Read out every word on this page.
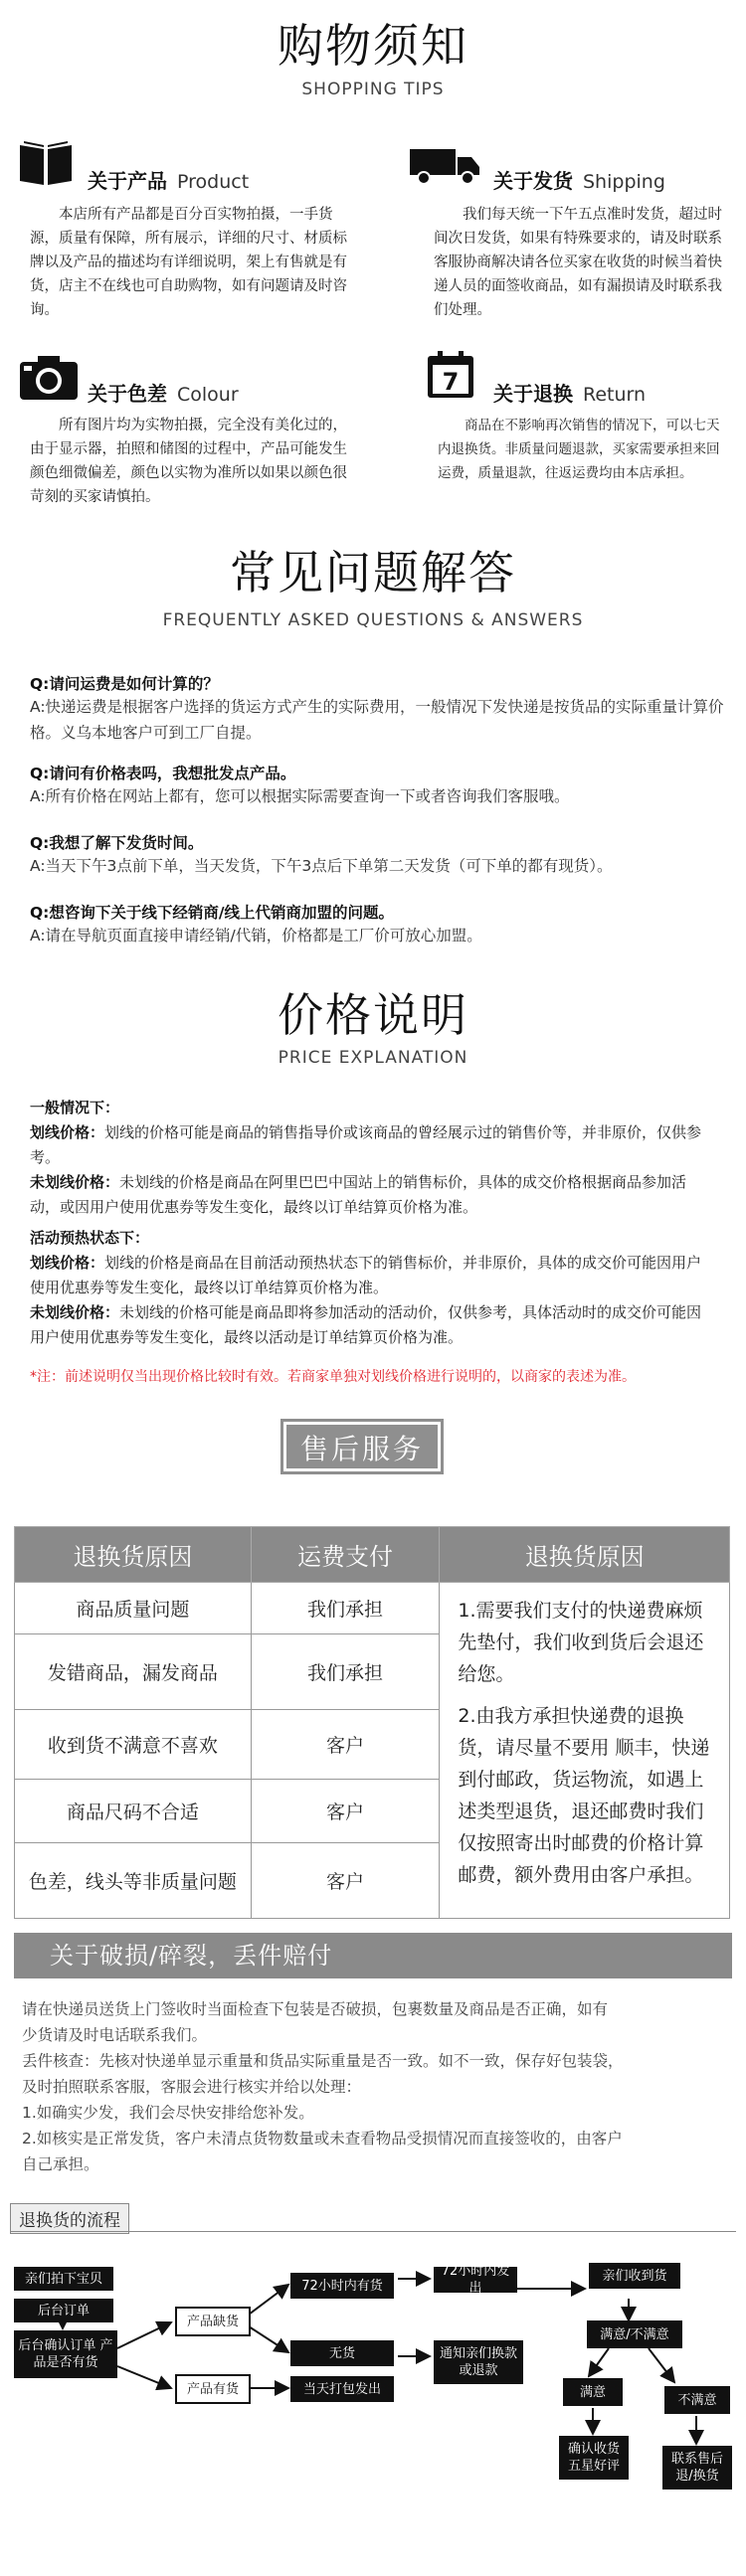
购物须知
SHOPPING TIPS
关于产品 Product
本店所有产品都是百分百实物拍摄，一手货源，质量有保障，所有展示，详细的尺寸、材质标牌以及产品的描述均有详细说明，架上有售就是有货，店主不在线也可自助购物，如有问题请及时咨询。
关于发货 Shipping
我们每天统一下午五点准时发货，超过时间次日发货，如果有特殊要求的，请及时联系客服协商解决请各位买家在收货的时候当着快递人员的面签收商品，如有漏损请及时联系我们处理。
关于色差 Colour
所有图片均为实物拍摄，完全没有美化过的，由于显示器，拍照和储图的过程中，产品可能发生颜色细微偏差，颜色以实物为准所以如果以颜色很苛刻的买家请慎拍。
7 关于退换 Return
商品在不影响再次销售的情况下，可以七天内退换货。非质量问题退款，买家需要承担来回运费，质量退款，往返运费均由本店承担。
常见问题解答
FREQUENTLY ASKED QUESTIONS & ANSWERS
Q:请问运费是如何计算的？
A:快递运费是根据客户选择的货运方式产生的实际费用，一般情况下发快递是按货品的实际重量计算价格。义乌本地客户可到工厂自提。
Q:请问有价格表吗，我想批发点产品。
A:所有价格在网站上都有，您可以根据实际需要查询一下或者咨询我们客服哦。
Q:我想了解下发货时间。
A:当天下午3点前下单，当天发货，下午3点后下单第二天发货（可下单的都有现货）。
Q:想咨询下关于线下经销商/线上代销商加盟的问题。
A:请在导航页面直接申请经销/代销，价格都是工厂价可放心加盟。
价格说明
PRICE EXPLANATION
一般情况下：
划线价格：划线的价格可能是商品的销售指导价或该商品的曾经展示过的销售价等，并非原价，仅供参考。
未划线价格：未划线的价格是商品在阿里巴巴中国站上的销售标价，具体的成交价格根据商品参加活动，或因用户使用优惠券等发生变化，最终以订单结算页价格为准。
活动预热状态下：
划线价格：划线的价格是商品在目前活动预热状态下的销售标价，并非原价，具体的成交价可能因用户使用优惠券等发生变化，最终以订单结算页价格为准。
未划线价格：未划线的价格可能是商品即将参加活动的活动价，仅供参考，具体活动时的成交价可能因用户使用优惠券等发生变化，最终以活动是订单结算页价格为准。
*注：前述说明仅当出现价格比较时有效。若商家单独对划线价格进行说明的，以商家的表述为准。
售后服务
退换货原因	运费支付	退换货原因
商品质量问题	我们承担	1.需要我们支付的快递费麻烦先垫付，我们收到货后会退还给您。
2.由我方承担快递费的退换货，请尽量不要用 顺丰，快递到付邮政，货运物流，如遇上述类型退货，退还邮费时我们仅按照寄出时邮费的价格计算邮费，额外费用由客户承担。

发错商品，漏发商品	我们承担	
收到货不满意不喜欢	客户	
商品尺码不合适	客户	
色差，线头等非质量问题	客户	
关于破损/碎裂，丢件赔付
请在快递员送货上门签收时当面检查下包装是否破损，包裹数量及商品是否正确，如有
少货请及时电话联系我们。
丢件核查：先核对快递单显示重量和货品实际重量是否一致。如不一致，保存好包装袋，
及时拍照联系客服，客服会进行核实并给以处理：
1.如确实少发，我们会尽快安排给您补发。
2.如核实是正常发货，客户未清点货物数量或未查看物品受损情况而直接签收的，由客户
自己承担。
退换货的流程
亲们拍下宝贝
后台订单
后台确认订单 产品是否有货
产品缺货
产品有货
72小时内有货
无货
当天打包发出
72小时内发出
通知亲们换款 或退款
亲们收到货
满意/不满意
满意
不满意
确认收货 五星好评	联系售后 退/换货
